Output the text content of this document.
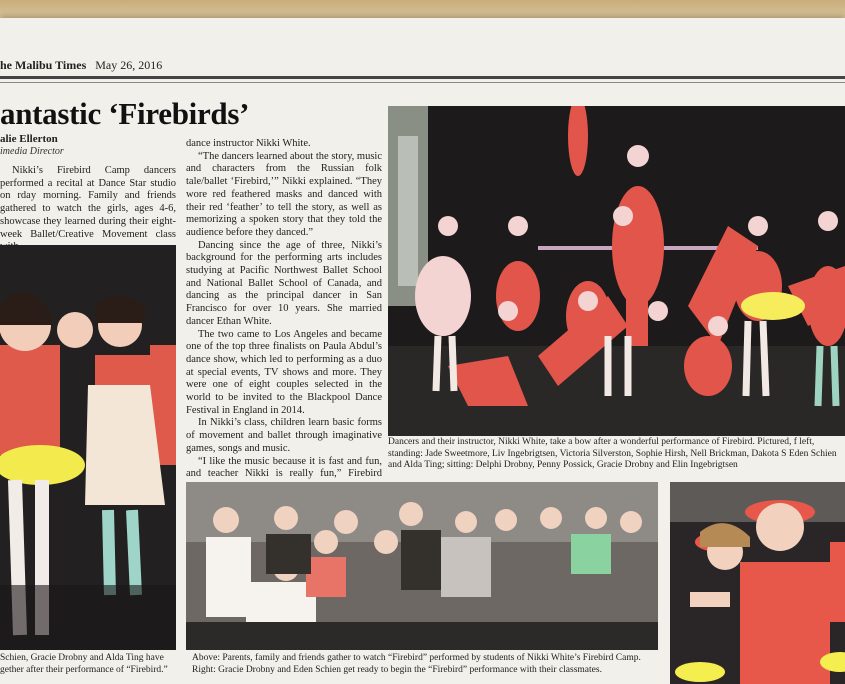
he Malibu Times May 26, 2016
antastic ‘Firebirds’
alie Ellerton
imedia Director

Nikki’s Firebird Camp dancers performed a recital at Dance Star studio on rday morning. Family and friends gathered to watch the girls, ages 4-6, showcase they learned during their eight-week Ballet/Creative Movement class

dance instructor Nikki White.

“The dancers learned about the story, music and characters from the Russian folk tale/ballet ‘Firebird,’” Nikki explained. “They wore red feathered masks and danced with their red ‘feather’ to tell the story, as well as memorizing a spoken story that they told the audience before they danced.”

Dancing since the age of three, Nikki’s background for the performing arts includes studying at Pacific Northwest Ballet School and National Ballet School of Canada, and dancing as the principal dancer in San Francisco for over 10 years. She married dancer Ethan White.

The two came to Los Angeles and became one of the top three finalists on Paula Abdul’s dance show, which led to performing as a duo at special events, TV shows and more. They were one of eight couples selected in the world to be invited to the Blackpool Dance Festival in England in 2014.

In Nikki’s class, children learn basic forms of movement and ballet through imaginative games, songs and music.

“I like the music because it is fast and fun, and teacher Nikki is really fun,” Firebird

Dancers and their instructor, Nikki White, take a bow after a wonderful performance of Firebird. Pictured, f left, standing: Jade Sweetmore, Liv Ingebrigtsen, Victoria Silverston, Sophie Hirsh, Nell Brickman, Dakota S Eden Schien and Alda Ting; sitting: Delphi Drobny, Penny Possick, Gracie Drobny and Elin Ingebrigtsen
Schien, Gracie Drobny and Alda Ting have gether after their performance of “Firebird.”
Above: Parents, family and friends gather to watch “Firebird” performed by students of Nikki White’s Firebird Camp. Right: Gracie Drobny and Eden Schien get ready to begin the “Firebird” performance with their classmates.
